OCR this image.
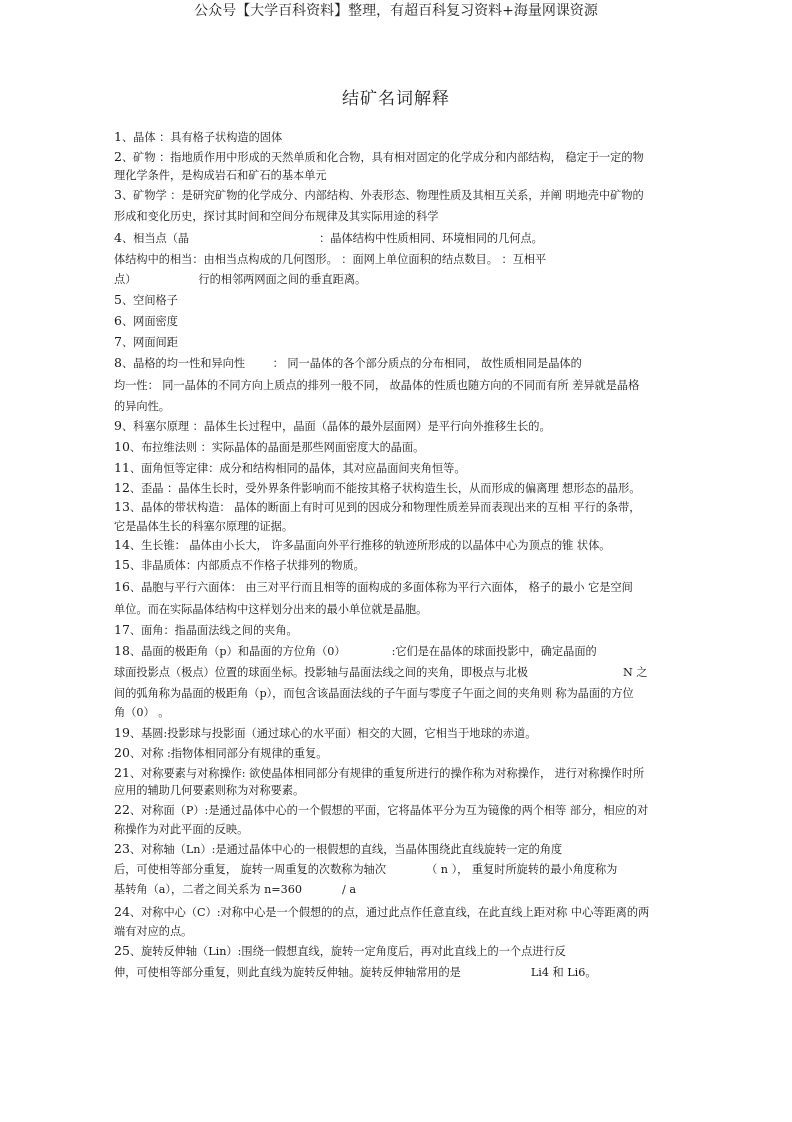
公众号【大学百科资料】整理，有超百科复习资料+海量网课资源
结矿名词解释
1、晶体 ：具有格子状构造的固体
2、矿物 ：指地质作用中形成的天然单质和化合物，具有相对固定的化学成分和内部结构， 稳定于一定的物
理化学条件，是构成岩石和矿石的基本单元
3、矿物学 ：是研究矿物的化学成分、内部结构、外表形态、物理性质及其相互关系，并阐 明地壳中矿物的
形成和变化历史，探讨其时间和空间分布规律及其实际用途的科学
4、相当点（晶	：晶体结构中性质相同、环境相同的几何点。
体结构中的相当：由相当点构成的几何图形。 ：面网上单位面积的结点数目。 ：互相平
点）	行的相邻两网面之间的垂直距离。
5、空间格子
6、网面密度
7、网面间距
8、晶格的均一性和异向性 ： 同一晶体的各个部分质点的分布相同， 故性质相同是晶体的
均一性： 同一晶体的不同方向上质点的排列一般不同， 故晶体的性质也随方向的不同而有所 差异就是晶格
的异向性。
9、科塞尔原理 ：晶体生长过程中，晶面（晶体的最外层面网）是平行向外推移生长的。
10、布拉维法则 ：实际晶体的晶面是那些网面密度大的晶面。
11、面角恒等定律：成分和结构相同的晶体，其对应晶面间夹角恒等。
12、歪晶 ：晶体生长时，受外界条件影响而不能按其格子状构造生长，从而形成的偏离理 想形态的晶形。
13、晶体的带状构造： 晶体的断面上有时可见到的因成分和物理性质差异而表现出来的互相 平行的条带，
它是晶体生长的科塞尔原理的证据。
14、生长锥： 晶体由小长大， 许多晶面向外平行推移的轨迹所形成的以晶体中心为顶点的锥 状体。
15、非晶质体：内部质点不作格子状排列的物质。
16、晶胞与平行六面体： 由三对平行而且相等的面构成的多面体称为平行六面体， 格子的最小 它是空间
单位。而在实际晶体结构中这样划分出来的最小单位就是晶胞。
17、面角：指晶面法线之间的夹角。
18、晶面的极距角（p）和晶面的方位角（0）	:它们是在晶体的球面投影中，确定晶面的
球面投影点（极点）位置的球面坐标。投影轴与晶面法线之间的夹角，即极点与北极	N 之
间的弧角称为晶面的极距角（p），而包含该晶面法线的子午面与零度子午面之间的夹角则 称为晶面的方位
角（0） 。
19、基圆:投影球与投影面（通过球心的水平面）相交的大圆，它相当于地球的赤道。
20、对称 :指物体相同部分有规律的重复。
21、对称要素与对称操作: 欲使晶体相同部分有规律的重复所进行的操作称为对称操作， 进行对称操作时所
应用的辅助几何要素则称为对称要素。
22、对称面（P）:是通过晶体中心的一个假想的平面，它将晶体平分为互为镜像的两个相等 部分，相应的对
称操作为对此平面的反映。
23、对称轴（Ln）:是通过晶体中心的一根假想的直线，当晶体围绕此直线旋转一定的角度
后，可使相等部分重复， 旋转一周重复的次数称为轴次	（ n ）， 重复时所旋转的最小角度称为
基转角（a），二者之间关系为 n=360	/ a
24、对称中心（C）:对称中心是一个假想的的点，通过此点作任意直线，在此直线上距对称 中心等距离的两
端有对应的点。
25、旋转反伸轴（Lin）:围绕一假想直线，旋转一定角度后，再对此直线上的一个点进行反
伸，可使相等部分重复，则此直线为旋转反伸轴。旋转反伸轴常用的是	Li4 和 Li6。
